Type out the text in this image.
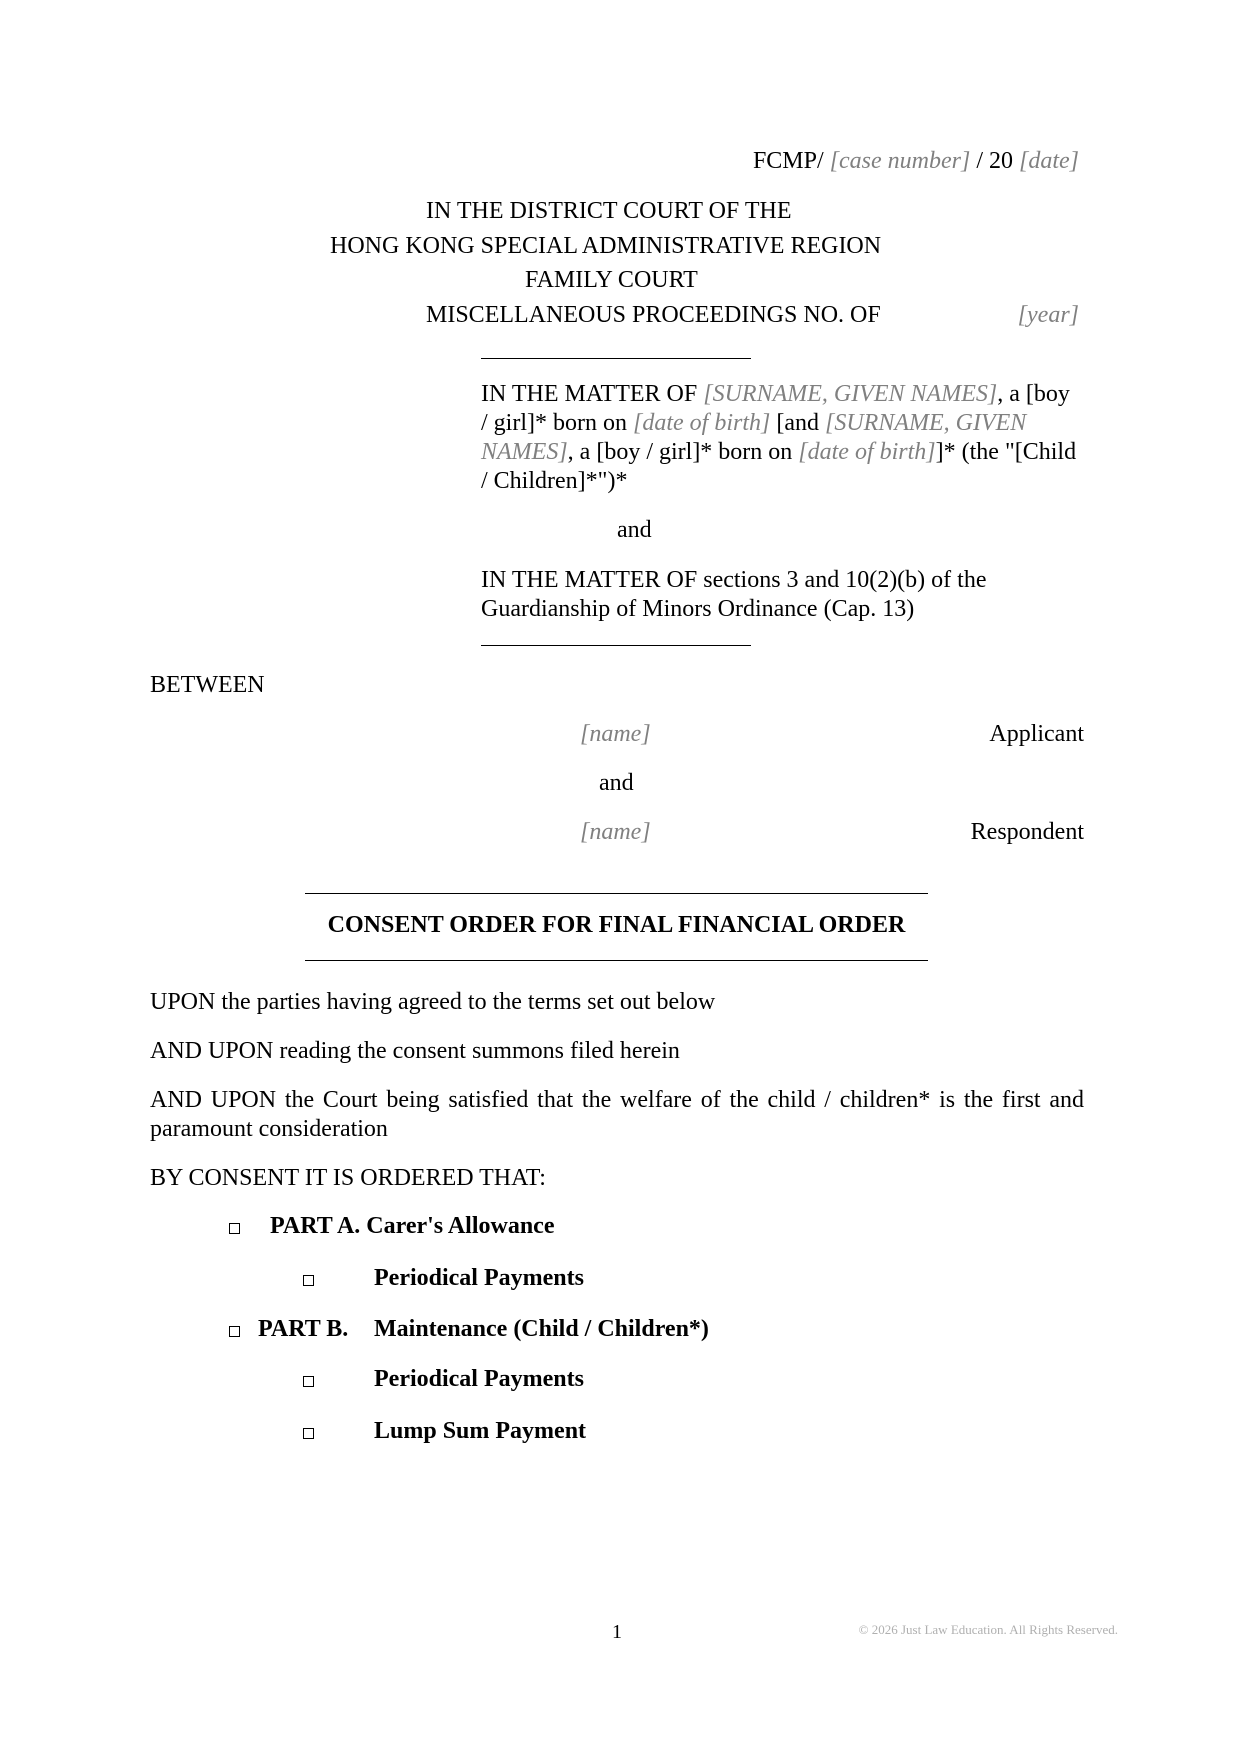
FCMP/ [case number] / 20 [date]
IN THE DISTRICT COURT OF THE
HONG KONG SPECIAL ADMINISTRATIVE REGION
FAMILY COURT
MISCELLANEOUS PROCEEDINGS NO. OF	[year]
IN THE MATTER OF [SURNAME, GIVEN NAMES], a [boy / girl]* born on [date of birth] [and [SURNAME, GIVEN NAMES], a [boy / girl]* born on [date of birth]]* (the "[Child / Children]*")*
and
IN THE MATTER OF sections 3 and 10(2)(b) of the Guardianship of Minors Ordinance (Cap. 13)
BETWEEN
[name]	Applicant
and
[name]	Respondent
CONSENT ORDER FOR FINAL FINANCIAL ORDER
UPON the parties having agreed to the terms set out below
AND UPON reading the consent summons filed herein
AND UPON the Court being satisfied that the welfare of the child / children* is the first and paramount consideration
BY CONSENT IT IS ORDERED THAT:
PART A. Carer's Allowance
Periodical Payments
PART B. Maintenance (Child / Children*)
Periodical Payments
Lump Sum Payment
1	© 2026 Just Law Education. All Rights Reserved.
